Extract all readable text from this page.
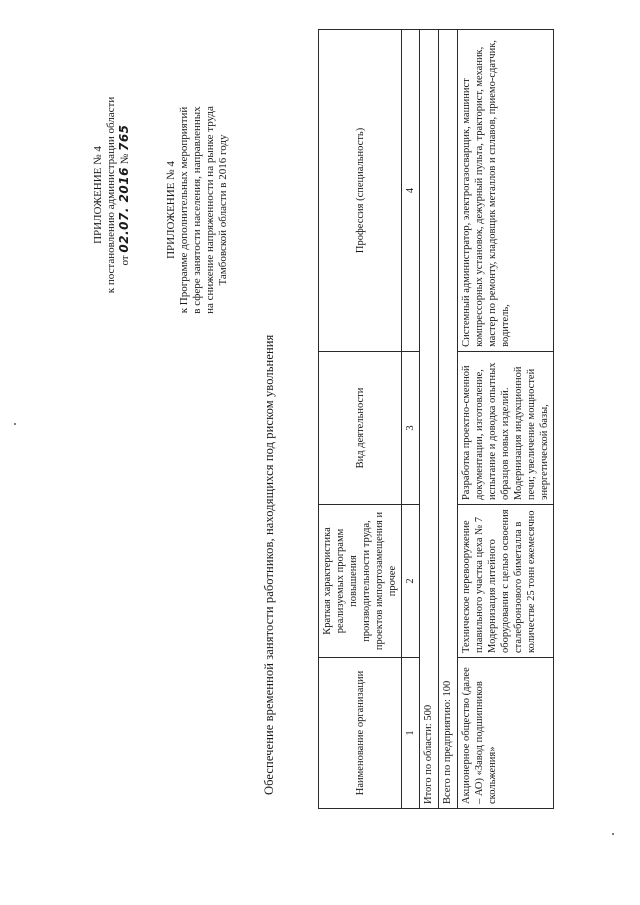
ПРИЛОЖЕНИЕ № 4 к постановлению администрации области от 02.07. 2016 № 765
ПРИЛОЖЕНИЕ № 4 к Программе дополнительных мероприятий в сфере занятости населения, направленных на снижение напряженности на рынке труда Тамбовской области в 2016 году
Обеспечение временной занятости работников, находящихся под риском увольнения	Наименование организации	Краткая характеристика реализуемых программ повышения производительности труда, проектов импортозамещения и прочее	Вид деятельности	Профессия (специальность)
1	2	3	4
Итого по области: 500			
Всего по предприятию: 100			
Акционерное общество (далее – АО) «Завод подшипников скольжения»	Техническое перевооружение плавильного участка цеха № 7 Модернизация литейного оборудования с целью освоения сталебронзового биметалла в количестве 25 тонн ежемесячно	Разработка проектно-сменной документации, изготовление, испытание и доводка опытных образцов новых изделий. Модернизация индукционной печи; увеличение мощностей энергетической базы,	Системный администратор, электрогазосварщик, машинист компрессорных установок, дежурный пульта, тракторист, механик, мастер по ремонту, кладовщик металлов и сплавов, приемо-сдатчик, водитель,
